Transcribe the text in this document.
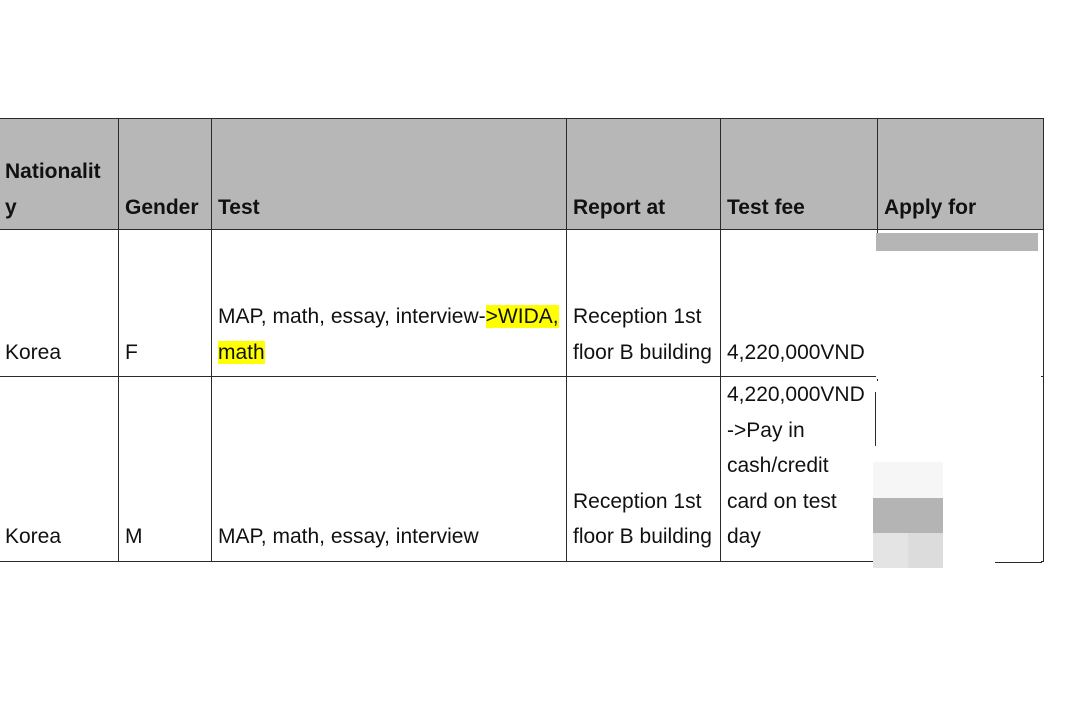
Nationalit y	Gender	Test	Report at	Test fee	Apply for
Korea	F	MAP, math, essay, interview->WIDA, math	Reception 1st floor B building	4,220,000VND	
Korea	M	MAP, math, essay, interview	Reception 1st floor B building	4,220,000VND ->Pay in cash/credit card on test day	
